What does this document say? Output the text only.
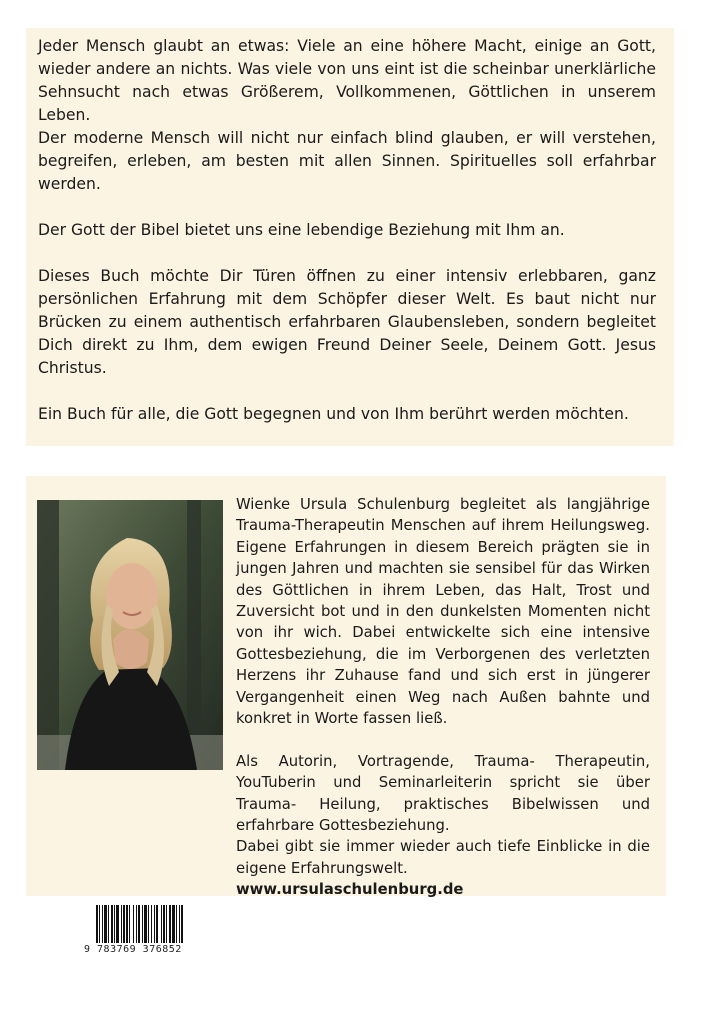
Jeder Mensch glaubt an etwas: Viele an eine höhere Macht, einige an Gott, wieder andere an nichts. Was viele von uns eint ist die scheinbar unerklärliche Sehnsucht nach etwas Größerem, Vollkommenen, Göttlichen in unserem Leben.

Der moderne Mensch will nicht nur einfach blind glauben, er will verstehen, begreifen, erleben, am besten mit allen Sinnen. Spirituelles soll erfahrbar werden.

Der Gott der Bibel bietet uns eine lebendige Beziehung mit Ihm an.

Dieses Buch möchte Dir Türen öffnen zu einer intensiv erlebbaren, ganz persönlichen Erfahrung mit dem Schöpfer dieser Welt. Es baut nicht nur Brücken zu einem authentisch erfahrbaren Glaubensleben, sondern begleitet Dich direkt zu Ihm, dem ewigen Freund Deiner Seele, Deinem Gott. Jesus Christus.

Ein Buch für alle, die Gott begegnen und von Ihm berührt werden möchten.

Wienke Ursula Schulenburg begleitet als langjährige Trauma-Therapeutin Menschen auf ihrem Heilungsweg. Eigene Erfahrungen in diesem Bereich prägten sie in jungen Jahren und machten sie sensibel für das Wirken des Göttlichen in ihrem Leben, das Halt, Trost und Zuversicht bot und in den dunkelsten Momenten nicht von ihr wich. Dabei entwickelte sich eine intensive Gottesbeziehung, die im Verborgenen des verletzten Herzens ihr Zuhause fand und sich erst in jüngerer Vergangenheit einen Weg nach Außen bahnte und konkret in Worte fassen ließ.

Als Autorin, Vortragende, Trauma- Therapeutin, YouTuberin und Seminarleiterin spricht sie über Trauma- Heilung, praktisches Bibelwissen und erfahrbare Gottesbeziehung.

Dabei gibt sie immer wieder auch tiefe Einblicke in die eigene Erfahrungswelt.

www.ursulaschulenburg.de

9 783769 376852
